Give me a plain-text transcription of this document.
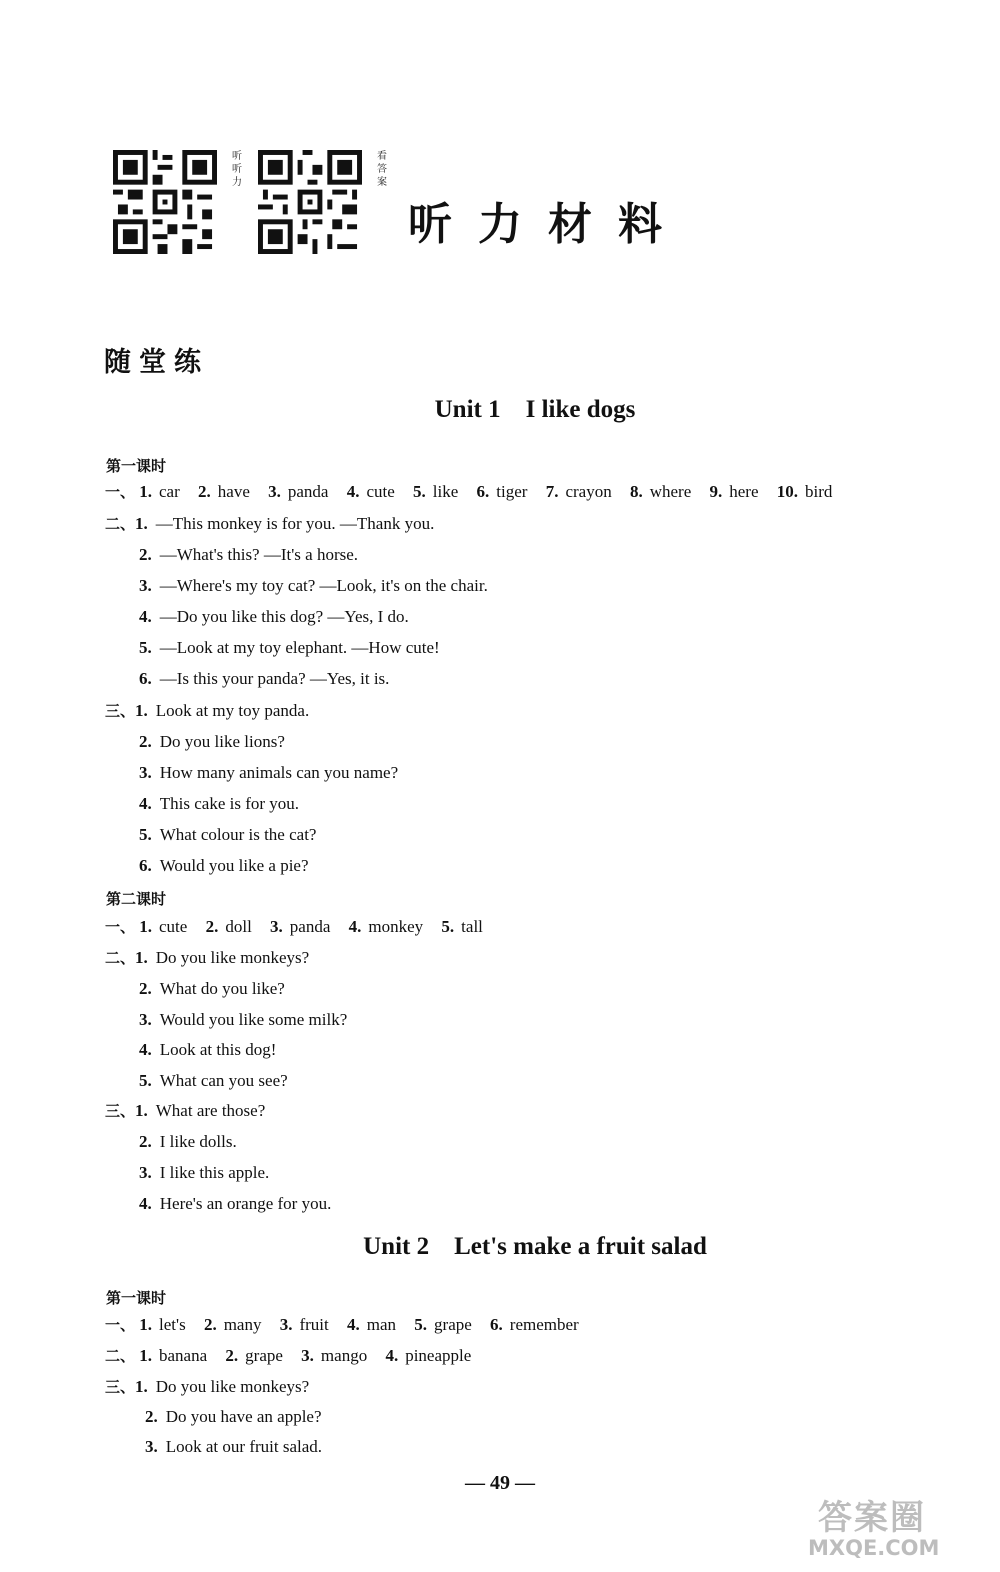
听听力
看答案
听力材料
随堂练
Unit 1    I like dogs
第一课时
一、 1. car 2. have 3. panda 4. cute 5. like 6. tiger 7. crayon 8. where 9. here 10. bird
二、1. —This monkey is for you. —Thank you.
2. —What's this? —It's a horse.
3. —Where's my toy cat? —Look, it's on the chair.
4. —Do you like this dog? —Yes, I do.
5. —Look at my toy elephant. —How cute!
6. —Is this your panda? —Yes, it is.
三、1. Look at my toy panda.
2. Do you like lions?
3. How many animals can you name?
4. This cake is for you.
5. What colour is the cat?
6. Would you like a pie?
第二课时
一、 1. cute 2. doll 3. panda 4. monkey 5. tall
二、1. Do you like monkeys?
2. What do you like?
3. Would you like some milk?
4. Look at this dog!
5. What can you see?
三、1. What are those?
2. I like dolls.
3. I like this apple.
4. Here's an orange for you.
Unit 2    Let's make a fruit salad
第一课时
一、 1. let's 2. many 3. fruit 4. man 5. grape 6. remember
二、 1. banana 2. grape 3. mango 4. pineapple
三、1. Do you like monkeys?
2. Do you have an apple?
3. Look at our fruit salad.
— 49 —
答案圈
MXQE.COM
